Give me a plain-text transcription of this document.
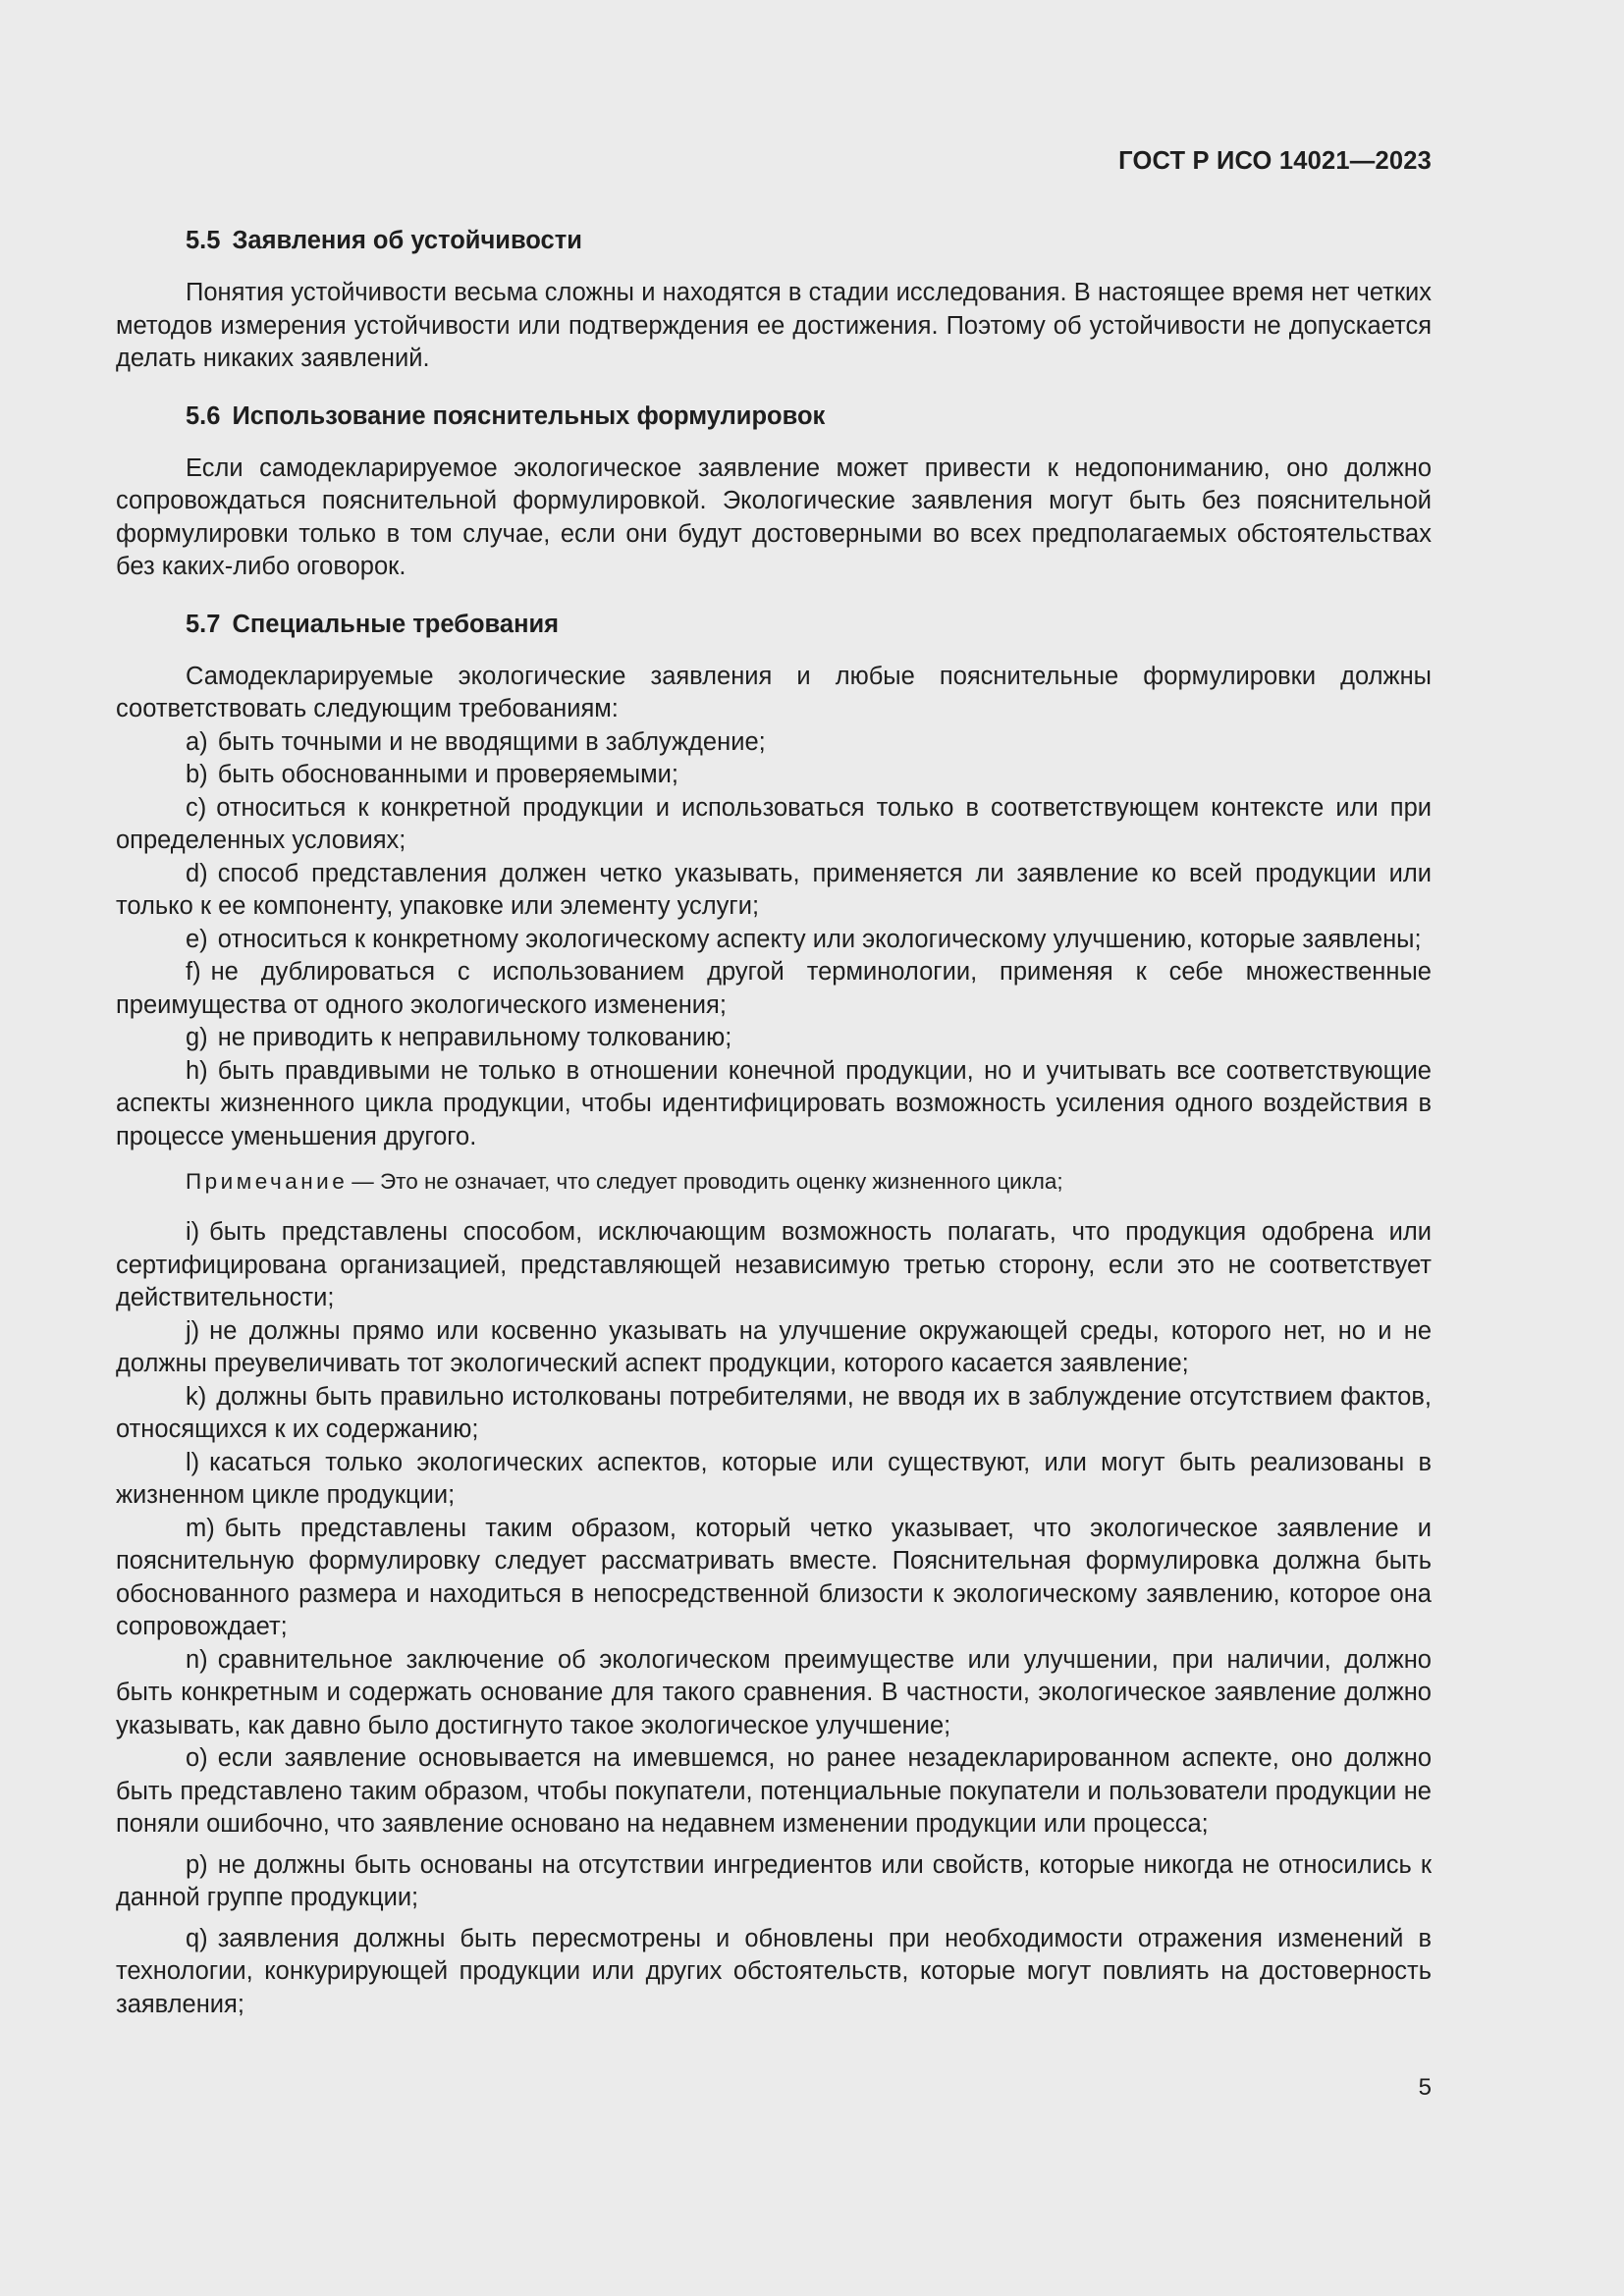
ГОСТ Р ИСО 14021—2023
5.5 Заявления об устойчивости

Понятия устойчивости весьма сложны и находятся в стадии исследования. В настоящее время нет четких методов измерения устойчивости или подтверждения ее достижения. Поэтому об устойчивости не допускается делать никаких заявлений.

5.6 Использование пояснительных формулировок

Если самодекларируемое экологическое заявление может привести к недопониманию, оно должно сопровождаться пояснительной формулировкой. Экологические заявления могут быть без пояснительной формулировки только в том случае, если они будут достоверными во всех предполагаемых обстоятельствах без каких-либо оговорок.

5.7 Специальные требования

Самодекларируемые экологические заявления и любые пояснительные формулировки должны соответствовать следующим требованиям:

a) быть точными и не вводящими в заблуждение;

b) быть обоснованными и проверяемыми;

c) относиться к конкретной продукции и использоваться только в соответствующем контексте или при определенных условиях;

d) способ представления должен четко указывать, применяется ли заявление ко всей продукции или только к ее компоненту, упаковке или элементу услуги;

e) относиться к конкретному экологическому аспекту или экологическому улучшению, которые заявлены;

f) не дублироваться с использованием другой терминологии, применяя к себе множественные преимущества от одного экологического изменения;

g) не приводить к неправильному толкованию;

h) быть правдивыми не только в отношении конечной продукции, но и учитывать все соответствующие аспекты жизненного цикла продукции, чтобы идентифицировать возможность усиления одного воздействия в процессе уменьшения другого.

Примечание — Это не означает, что следует проводить оценку жизненного цикла;

i) быть представлены способом, исключающим возможность полагать, что продукция одобрена или сертифицирована организацией, представляющей независимую третью сторону, если это не соответствует действительности;

j) не должны прямо или косвенно указывать на улучшение окружающей среды, которого нет, но и не должны преувеличивать тот экологический аспект продукции, которого касается заявление;

k) должны быть правильно истолкованы потребителями, не вводя их в заблуждение отсутствием фактов, относящихся к их содержанию;

l) касаться только экологических аспектов, которые или существуют, или могут быть реализованы в жизненном цикле продукции;

m) быть представлены таким образом, который четко указывает, что экологическое заявление и пояснительную формулировку следует рассматривать вместе. Пояснительная формулировка должна быть обоснованного размера и находиться в непосредственной близости к экологическому заявлению, которое она сопровождает;

n) сравнительное заключение об экологическом преимуществе или улучшении, при наличии, должно быть конкретным и содержать основание для такого сравнения. В частности, экологическое заявление должно указывать, как давно было достигнуто такое экологическое улучшение;

o) если заявление основывается на имевшемся, но ранее незадекларированном аспекте, оно должно быть представлено таким образом, чтобы покупатели, потенциальные покупатели и пользователи продукции не поняли ошибочно, что заявление основано на недавнем изменении продукции или процесса;

p) не должны быть основаны на отсутствии ингредиентов или свойств, которые никогда не относились к данной группе продукции;

q) заявления должны быть пересмотрены и обновлены при необходимости отражения изменений в технологии, конкурирующей продукции или других обстоятельств, которые могут повлиять на достоверность заявления;

5
